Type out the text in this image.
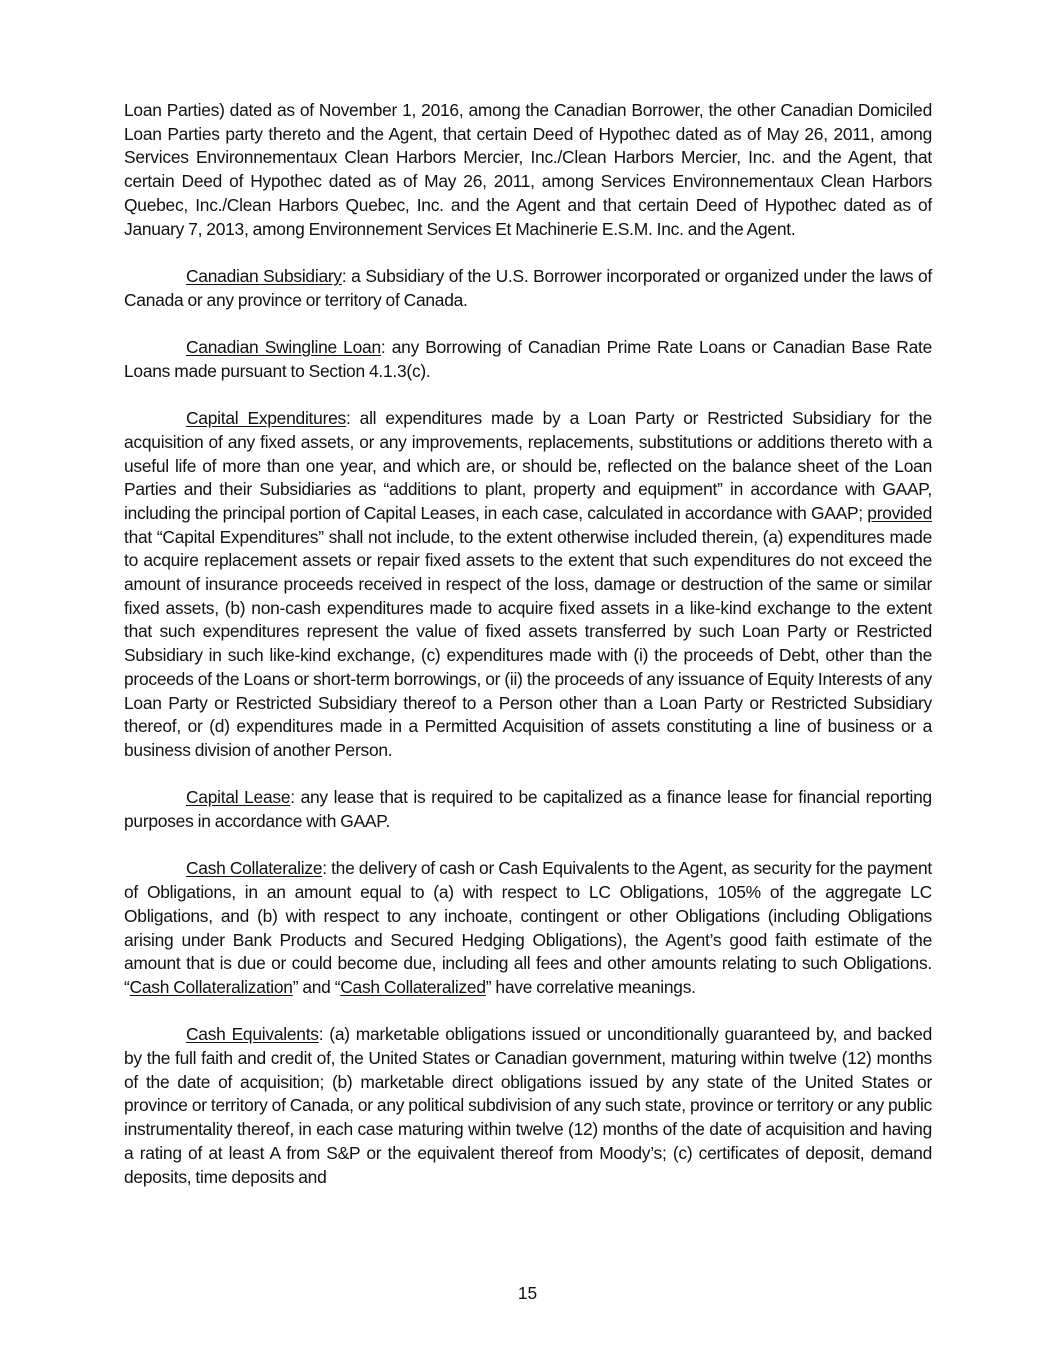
Loan Parties) dated as of November 1, 2016, among the Canadian Borrower, the other Canadian Domiciled Loan Parties party thereto and the Agent, that certain Deed of Hypothec dated as of May 26, 2011, among Services Environnementaux Clean Harbors Mercier, Inc./Clean Harbors Mercier, Inc. and the Agent, that certain Deed of Hypothec dated as of May 26, 2011, among Services Environnementaux Clean Harbors Quebec, Inc./Clean Harbors Quebec, Inc. and the Agent and that certain Deed of Hypothec dated as of January 7, 2013, among Environnement Services Et Machinerie E.S.M. Inc. and the Agent.

Canadian Subsidiary: a Subsidiary of the U.S. Borrower incorporated or organized under the laws of Canada or any province or territory of Canada.

Canadian Swingline Loan: any Borrowing of Canadian Prime Rate Loans or Canadian Base Rate Loans made pursuant to Section 4.1.3(c).

Capital Expenditures: all expenditures made by a Loan Party or Restricted Subsidiary for the acquisition of any fixed assets, or any improvements, replacements, substitutions or additions thereto with a useful life of more than one year, and which are, or should be, reflected on the balance sheet of the Loan Parties and their Subsidiaries as “additions to plant, property and equipment” in accordance with GAAP, including the principal portion of Capital Leases, in each case, calculated in accordance with GAAP; provided that “Capital Expenditures” shall not include, to the extent otherwise included therein, (a) expenditures made to acquire replacement assets or repair fixed assets to the extent that such expenditures do not exceed the amount of insurance proceeds received in respect of the loss, damage or destruction of the same or similar fixed assets, (b) non-cash expenditures made to acquire fixed assets in a like-kind exchange to the extent that such expenditures represent the value of fixed assets transferred by such Loan Party or Restricted Subsidiary in such like-kind exchange, (c) expenditures made with (i) the proceeds of Debt, other than the proceeds of the Loans or short-term borrowings, or (ii) the proceeds of any issuance of Equity Interests of any Loan Party or Restricted Subsidiary thereof to a Person other than a Loan Party or Restricted Subsidiary thereof, or (d) expenditures made in a Permitted Acquisition of assets constituting a line of business or a business division of another Person.

Capital Lease: any lease that is required to be capitalized as a finance lease for financial reporting purposes in accordance with GAAP.

Cash Collateralize: the delivery of cash or Cash Equivalents to the Agent, as security for the payment of Obligations, in an amount equal to (a) with respect to LC Obligations, 105% of the aggregate LC Obligations, and (b) with respect to any inchoate, contingent or other Obligations (including Obligations arising under Bank Products and Secured Hedging Obligations), the Agent’s good faith estimate of the amount that is due or could become due, including all fees and other amounts relating to such Obligations. “Cash Collateralization” and “Cash Collateralized” have correlative meanings.

Cash Equivalents: (a) marketable obligations issued or unconditionally guaranteed by, and backed by the full faith and credit of, the United States or Canadian government, maturing within twelve (12) months of the date of acquisition; (b) marketable direct obligations issued by any state of the United States or province or territory of Canada, or any political subdivision of any such state, province or territory or any public instrumentality thereof, in each case maturing within twelve (12) months of the date of acquisition and having a rating of at least A from S&P or the equivalent thereof from Moody’s; (c) certificates of deposit, demand deposits, time deposits and

15
